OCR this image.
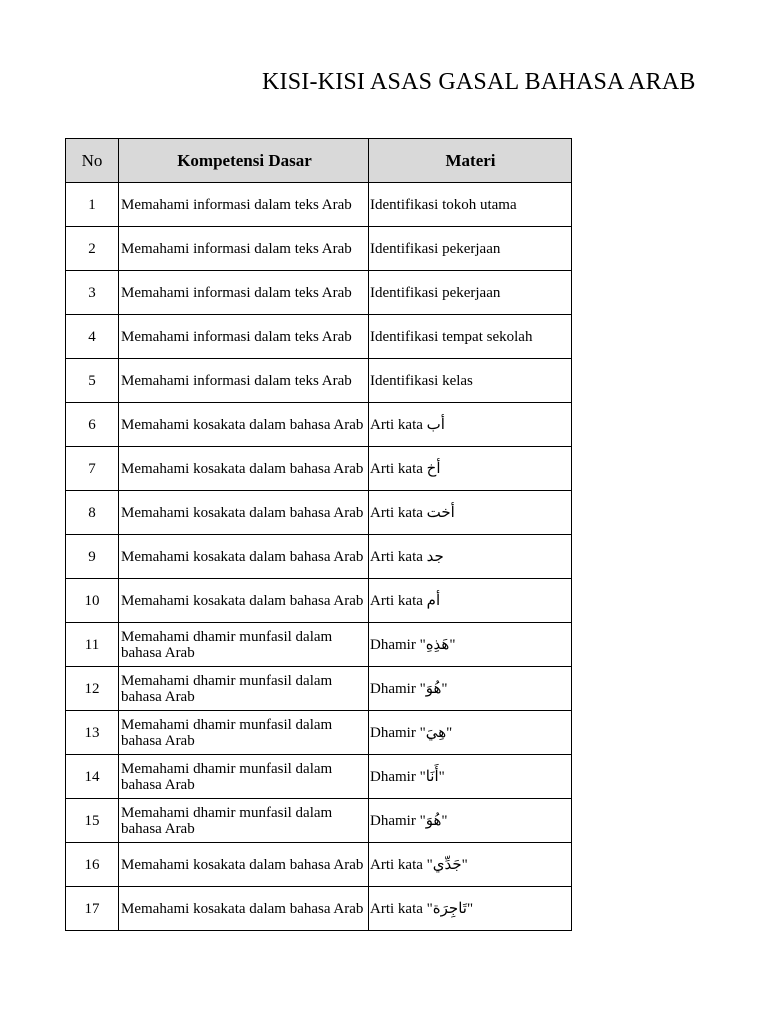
KISI-KISI ASAS GASAL BAHASA ARAB
No	Kompetensi Dasar	Materi
1	Memahami informasi dalam teks Arab	Identifikasi tokoh utama
2	Memahami informasi dalam teks Arab	Identifikasi pekerjaan
3	Memahami informasi dalam teks Arab	Identifikasi pekerjaan
4	Memahami informasi dalam teks Arab	Identifikasi tempat sekolah
5	Memahami informasi dalam teks Arab	Identifikasi kelas
6	Memahami kosakata dalam bahasa Arab	Arti kata أب
7	Memahami kosakata dalam bahasa Arab	Arti kata أخ
8	Memahami kosakata dalam bahasa Arab	Arti kata أخت
9	Memahami kosakata dalam bahasa Arab	Arti kata جد
10	Memahami kosakata dalam bahasa Arab	Arti kata أم
11	Memahami dhamir munfasil dalam bahasa Arab	Dhamir "هَذِهِ"
12	Memahami dhamir munfasil dalam bahasa Arab	Dhamir "هُوَ"
13	Memahami dhamir munfasil dalam bahasa Arab	Dhamir "هِيَ"
14	Memahami dhamir munfasil dalam bahasa Arab	Dhamir "أَنَا"
15	Memahami dhamir munfasil dalam bahasa Arab	Dhamir "هُوَ"
16	Memahami kosakata dalam bahasa Arab	Arti kata "جَدِّي"
17	Memahami kosakata dalam bahasa Arab	Arti kata "تَاجِرَة"
